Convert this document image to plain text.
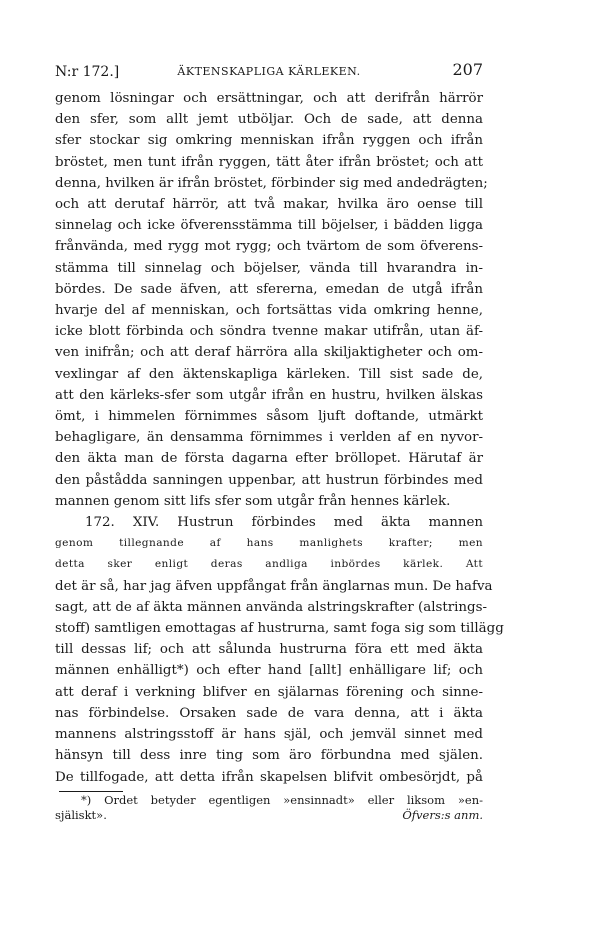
N:r 172.]	ÄKTENSKAPLIGA KÄRLEKEN.	207
genom lösningar och ersättningar, och att derifrån härrör
den sfer, som allt jemt utböljar. Och de sade, att denna
sfer stockar sig omkring menniskan ifrån ryggen och ifrån
bröstet, men tunt ifrån ryggen, tätt åter ifrån bröstet; och att
denna, hvilken är ifrån bröstet, förbinder sig med andedrägten;
och att derutaf härrör, att två makar, hvilka äro oense till
sinnelag och icke öfverensstämma till böjelser, i bädden ligga
frånvända, med rygg mot rygg; och tvärtom de som öfverens-
stämma till sinnelag och böjelser, vända till hvarandra in-
bördes. De sade äfven, att sfererna, emedan de utgå ifrån
hvarje del af menniskan, och fortsättas vida omkring henne,
icke blott förbinda och söndra tvenne makar utifrån, utan äf-
ven inifrån; och att deraf härröra alla skiljaktigheter och om-
vexlingar af den äktenskapliga kärleken. Till sist sade de,
att den kärleks-sfer som utgår ifrån en hustru, hvilken älskas
ömt, i himmelen förnimmes såsom ljuft doftande, utmärkt
behagligare, än densamma förnimmes i verlden af en nyvor-
den äkta man de första dagarna efter bröllopet. Härutaf är
den påstådda sanningen uppenbar, att hustrun förbindes med
mannen genom sitt lifs sfer som utgår från hennes kärlek.
172. XIV. Hustrun förbindes med äkta mannen
genom tillegnande af hans manlighets krafter; men
detta sker enligt deras andliga inbördes kärlek. Att
det är så, har jag äfven uppfångat från änglarnas mun. De hafva
sagt, att de af äkta männen använda alstringskrafter (alstrings-
stoff) samtligen emottagas af hustrurna, samt foga sig som tillägg
till dessas lif; och att sålunda hustrurna föra ett med äkta
männen enhälligt*) och efter hand [allt] enhälligare lif; och
att deraf i verkning blifver en själarnas förening och sinne-
nas förbindelse. Orsaken sade de vara denna, att i äkta
mannens alstringsstoff är hans själ, och jemväl sinnet med
hänsyn till dess inre ting som äro förbundna med själen.
De tillfogade, att detta ifrån skapelsen blifvit ombesörjdt, på
*) Ordet betyder egentligen »ensinnadt» eller liksom »en-
själiskt».	Öfvers:s anm.
